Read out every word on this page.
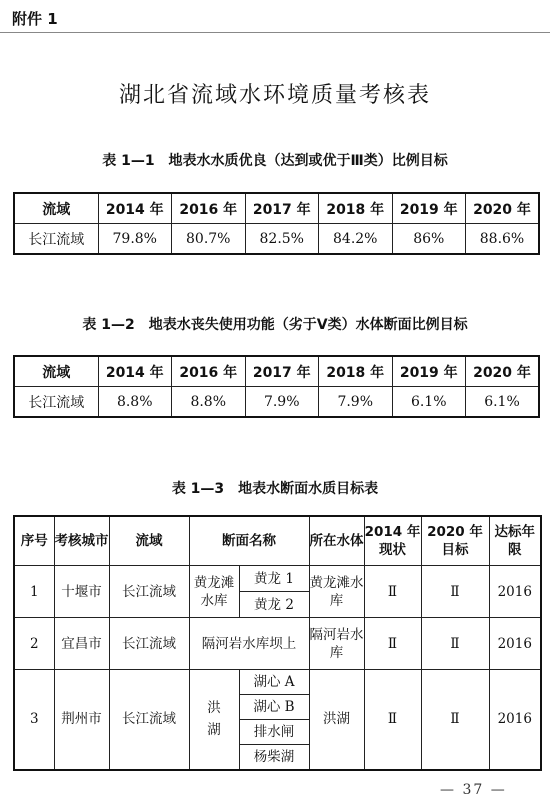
附件 1
湖北省流域水环境质量考核表
表 1—1　地表水水质优良（达到或优于Ⅲ类）比例目标
流域	2014 年	2016 年	2017 年	2018 年	2019 年	2020 年
长江流域	79.8%	80.7%	82.5%	84.2%	86%	88.6%
表 1—2　地表水丧失使用功能（劣于Ⅴ类）水体断面比例目标
流域	2014 年	2016 年	2017 年	2018 年	2019 年	2020 年
长江流域	8.8%	8.8%	7.9%	7.9%	6.1%	6.1%
表 1—3　地表水断面水质目标表
序号	考核城市	流域	断面名称		所在水体	2014 年现状	2020 年目标	达标年限
1	十堰市	长江流域	黄龙滩水库	黄龙 1	黄龙滩水库	Ⅱ	Ⅱ	2016
				黄龙 2				
2	宜昌市	长江流域	隔河岩水库坝上		隔河岩水库	Ⅱ	Ⅱ	2016
3	荆州市	长江流域	洪湖	湖心 A	洪湖	Ⅱ	Ⅱ	2016
				湖心 B				
				排水闸				
				杨柴湖				
— 37 —
